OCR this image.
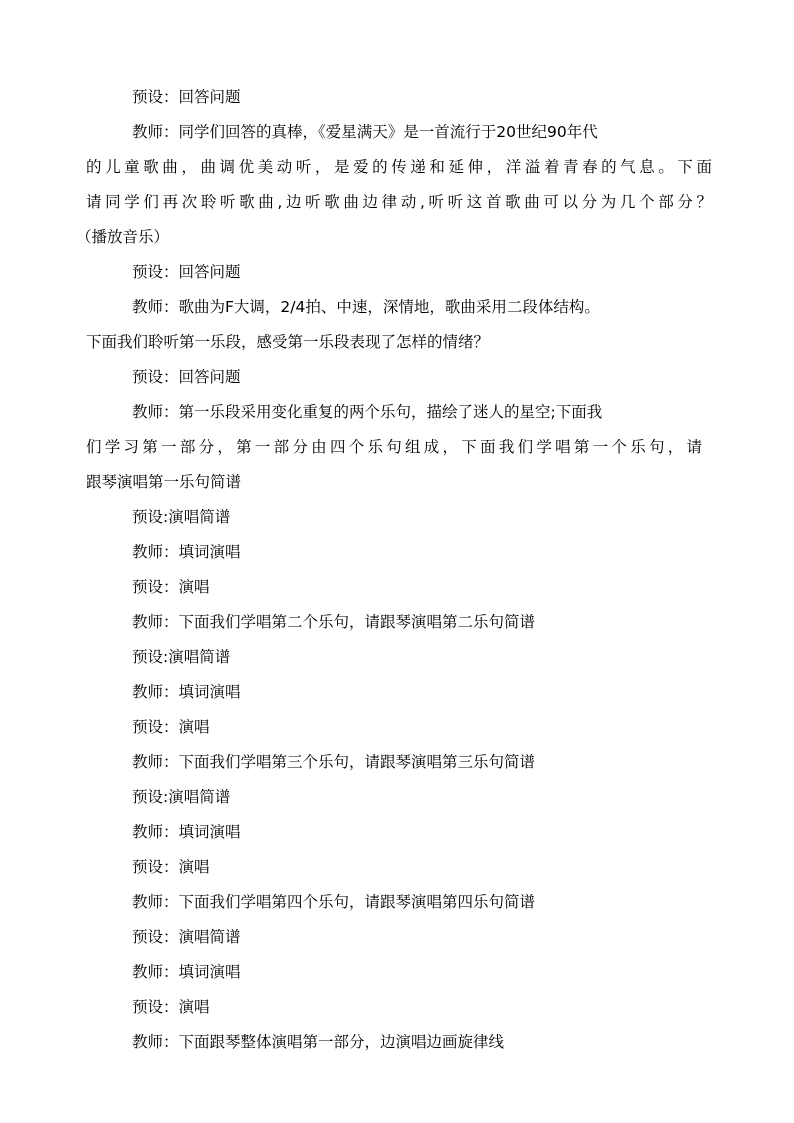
预设：回答问题
教师：同学们回答的真棒，《爱星满天》是一首流行于20世纪90年代
的儿童歌曲，曲调优美动听，是爱的传递和延伸，洋溢着青春的气息。下面
请同学们再次聆听歌曲,边听歌曲边律动,听听这首歌曲可以分为几个部分？
（播放音乐）
预设：回答问题
教师：歌曲为F大调，2/4拍、中速，深情地，歌曲采用二段体结构。
下面我们聆听第一乐段，感受第一乐段表现了怎样的情绪？
预设：回答问题
教师：第一乐段采用变化重复的两个乐句，描绘了迷人的星空;下面我
们学习第一部分，第一部分由四个乐句组成，下面我们学唱第一个乐句，请
跟琴演唱第一乐句简谱
预设:演唱简谱
教师：填词演唱
预设：演唱
教师：下面我们学唱第二个乐句，请跟琴演唱第二乐句简谱
预设:演唱简谱
教师：填词演唱
预设：演唱
教师：下面我们学唱第三个乐句，请跟琴演唱第三乐句简谱
预设:演唱简谱
教师：填词演唱
预设：演唱
教师：下面我们学唱第四个乐句，请跟琴演唱第四乐句简谱
预设：演唱简谱
教师：填词演唱
预设：演唱
教师：下面跟琴整体演唱第一部分，边演唱边画旋律线
